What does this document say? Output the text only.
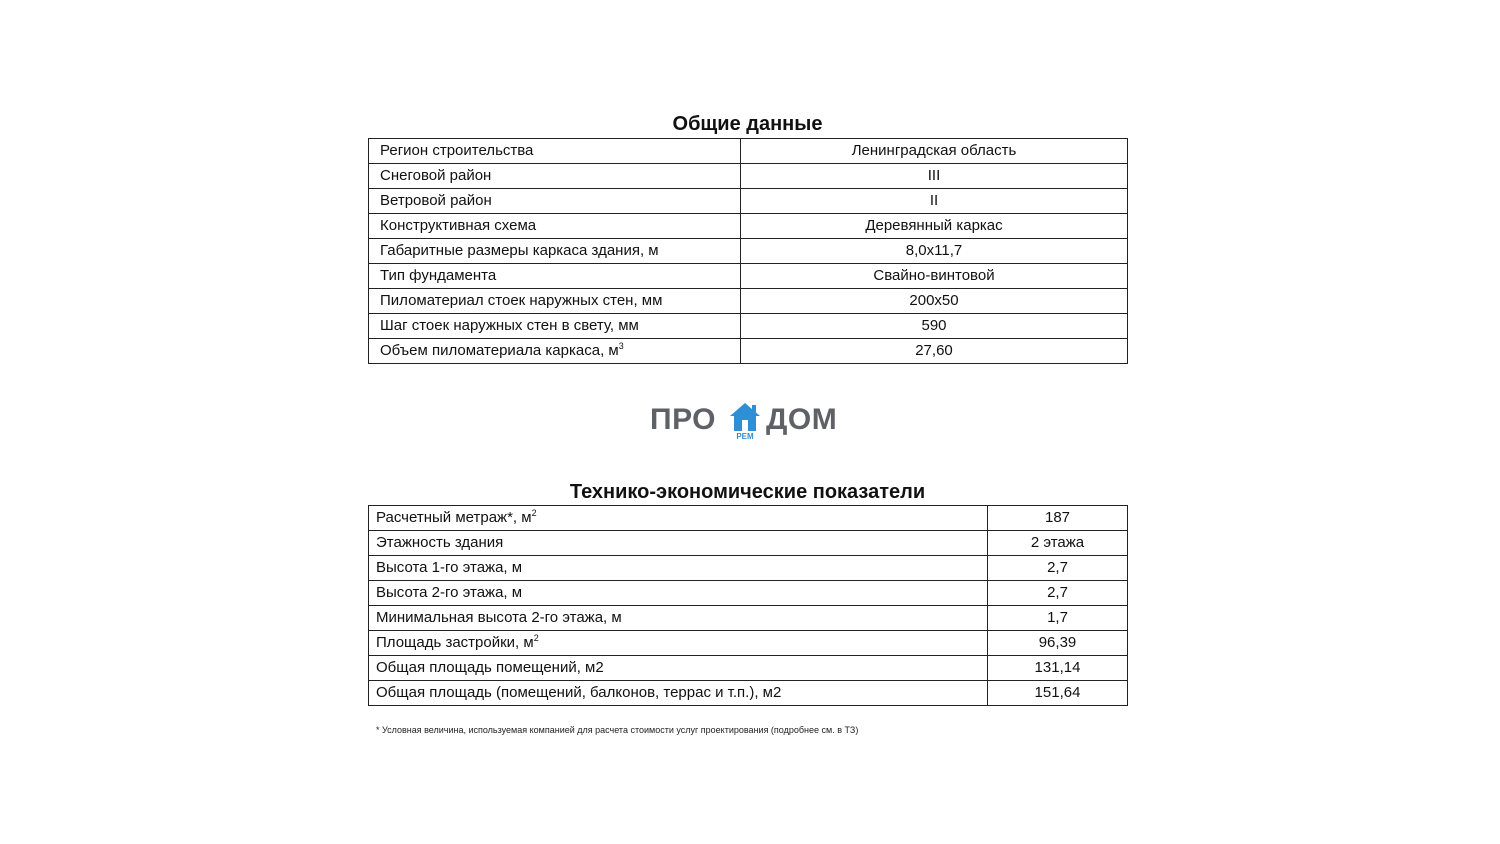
Общие данные
Регион строительства	Ленинградская область
Снеговой район	III
Ветровой район	II
Конструктивная схема	Деревянный каркас
Габаритные размеры каркаса здания, м	8,0х11,7
Тип фундамента	Свайно-винтовой
Пиломатериал стоек наружных стен, мм	200х50
Шаг стоек наружных стен в свету, мм	590
Объем пиломатериала каркаса, $м^3$	27,60
ПРО
РЕМ
ДОМ
Технико-экономические показатели
Расчетный метраж*, $м^2$	187
Этажность здания	2 этажа
Высота 1-го этажа, м	2,7
Высота 2-го этажа, м	2,7
Минимальная высота 2-го этажа, м	1,7
Площадь застройки, $м^2$	96,39
Общая площадь помещений, м2	131,14
Общая площадь (помещений, балконов, террас и т.п.), м2	151,64
* Условная величина, используемая компанией для расчета стоимости услуг проектирования (подробнее см. в ТЗ)
